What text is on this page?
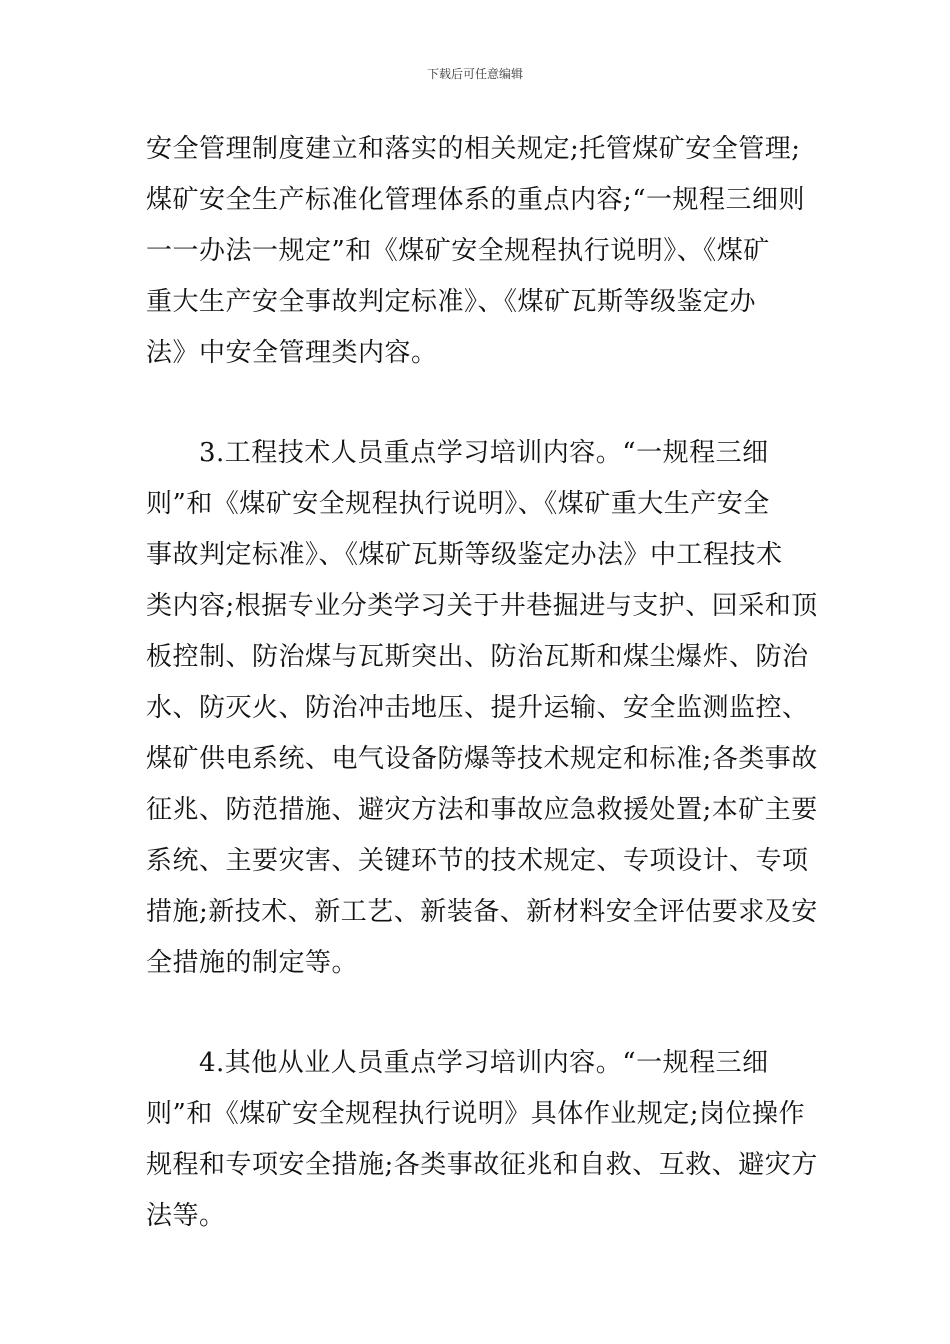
下载后可任意编辑
安全管理制度建立和落实的相关规定;托管煤矿安全管理;
煤矿安全生产标准化管理体系的重点内容;“一规程三细则
一一办法一规定”和《煤矿安全规程执行说明》、《煤矿
重大生产安全事故判定标准》、《煤矿瓦斯等级鉴定办
法》中安全管理类内容。
　　3.工程技术人员重点学习培训内容。“一规程三细
则”和《煤矿安全规程执行说明》、《煤矿重大生产安全
事故判定标准》、《煤矿瓦斯等级鉴定办法》中工程技术
类内容;根据专业分类学习关于井巷掘进与支护、回采和顶
板控制、防治煤与瓦斯突出、防治瓦斯和煤尘爆炸、防治
水、防灭火、防治冲击地压、提升运输、安全监测监控、
煤矿供电系统、电气设备防爆等技术规定和标准;各类事故
征兆、防范措施、避灾方法和事故应急救援处置;本矿主要
系统、主要灾害、关键环节的技术规定、专项设计、专项
措施;新技术、新工艺、新装备、新材料安全评估要求及安
全措施的制定等。
　　4.其他从业人员重点学习培训内容。“一规程三细
则”和《煤矿安全规程执行说明》具体作业规定;岗位操作
规程和专项安全措施;各类事故征兆和自救、互救、避灾方
法等。
